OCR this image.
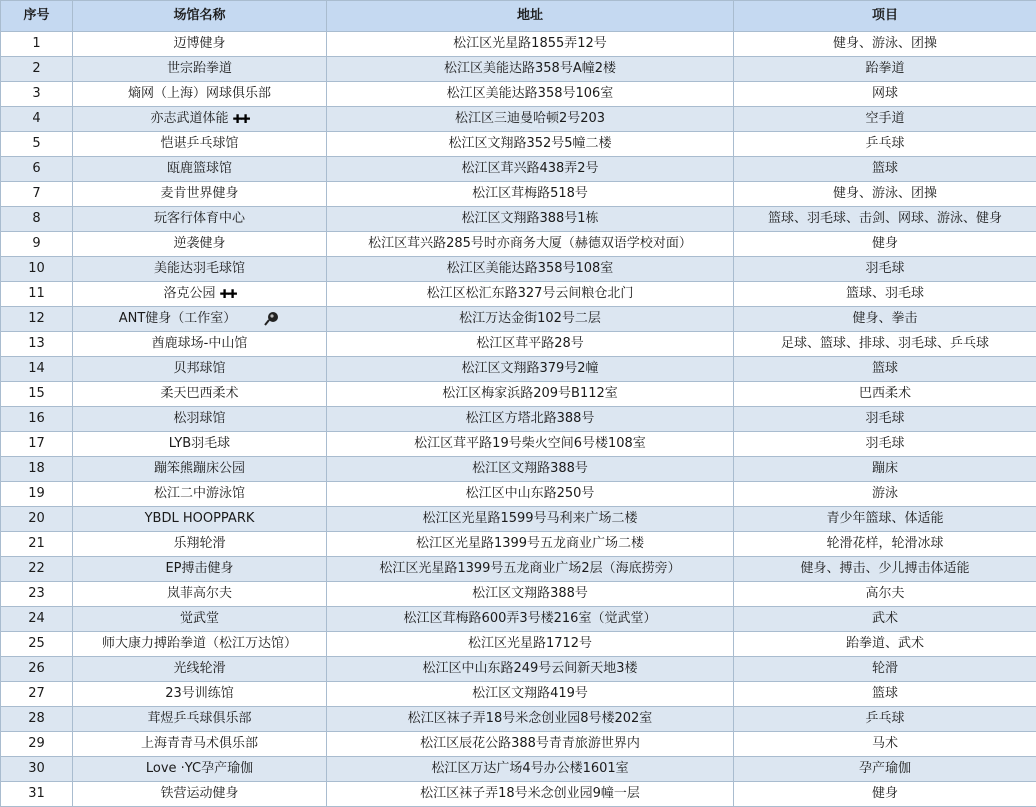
序号	场馆名称	地址	项目
1	迈博健身	松江区光星路1855弄12号	健身、游泳、团操
2	世宗跆拳道	松江区美能达路358号A幢2楼	跆拳道
3	熵网（上海）网球俱乐部	松江区美能达路358号106室	网球
4	亦志武道体能 ✚✚	松江区三迪曼哈顿2号203	空手道
5	恺谌乒乓球馆	松江区文翔路352号5幢二楼	乒乓球
6	瓯鹿篮球馆	松江区茸兴路438弄2号	篮球
7	麦肯世界健身	松江区茸梅路518号	健身、游泳、团操
8	玩客行体育中心	松江区文翔路388号1栋	篮球、羽毛球、击剑、网球、游泳、健身
9	逆袭健身	松江区茸兴路285号时亦商务大厦（赫德双语学校对面）	健身
10	美能达羽毛球馆	松江区美能达路358号108室	羽毛球
11	洛克公园 ✚✚	松江区松汇东路327号云间粮仓北门	篮球、羽毛球
12	ANT健身（工作室）	松江万达金街102号二层	健身、拳击
13	酋鹿球场-中山馆	松江区茸平路28号	足球、篮球、排球、羽毛球、乒乓球
14	贝邦球馆	松江区文翔路379号2幢	篮球
15	柔天巴西柔术	松江区梅家浜路209号B112室	巴西柔术
16	松羽球馆	松江区方塔北路388号	羽毛球
17	LYB羽毛球	松江区茸平路19号柴火空间6号楼108室	羽毛球
18	蹦笨熊蹦床公园	松江区文翔路388号	蹦床
19	松江二中游泳馆	松江区中山东路250号	游泳
20	YBDL HOOPPARK	松江区光星路1599号马利来广场二楼	青少年篮球、体适能
21	乐翔轮滑	松江区光星路1399号五龙商业广场二楼	轮滑花样，轮滑冰球
22	EP搏击健身	松江区光星路1399号五龙商业广场2层（海底捞旁）	健身、搏击、少儿搏击体适能
23	岚菲高尔夫	松江区文翔路388号	高尔夫
24	觉武堂	松江区茸梅路600弄3号楼216室（觉武堂）	武术
25	师大康力搏跆拳道（松江万达馆）	松江区光星路1712号	跆拳道、武术
26	光线轮滑	松江区中山东路249号云间新天地3楼	轮滑
27	23号训练馆	松江区文翔路419号	篮球
28	茸煜乒乓球俱乐部	松江区袜子弄18号米念创业园8号楼202室	乒乓球
29	上海青青马术俱乐部	松江区辰花公路388号青青旅游世界内	马术
30	Love ·YC孕产瑜伽	松江区万达广场4号办公楼1601室	孕产瑜伽
31	铁营运动健身	松江区袜子弄18号米念创业园9幢一层	健身
